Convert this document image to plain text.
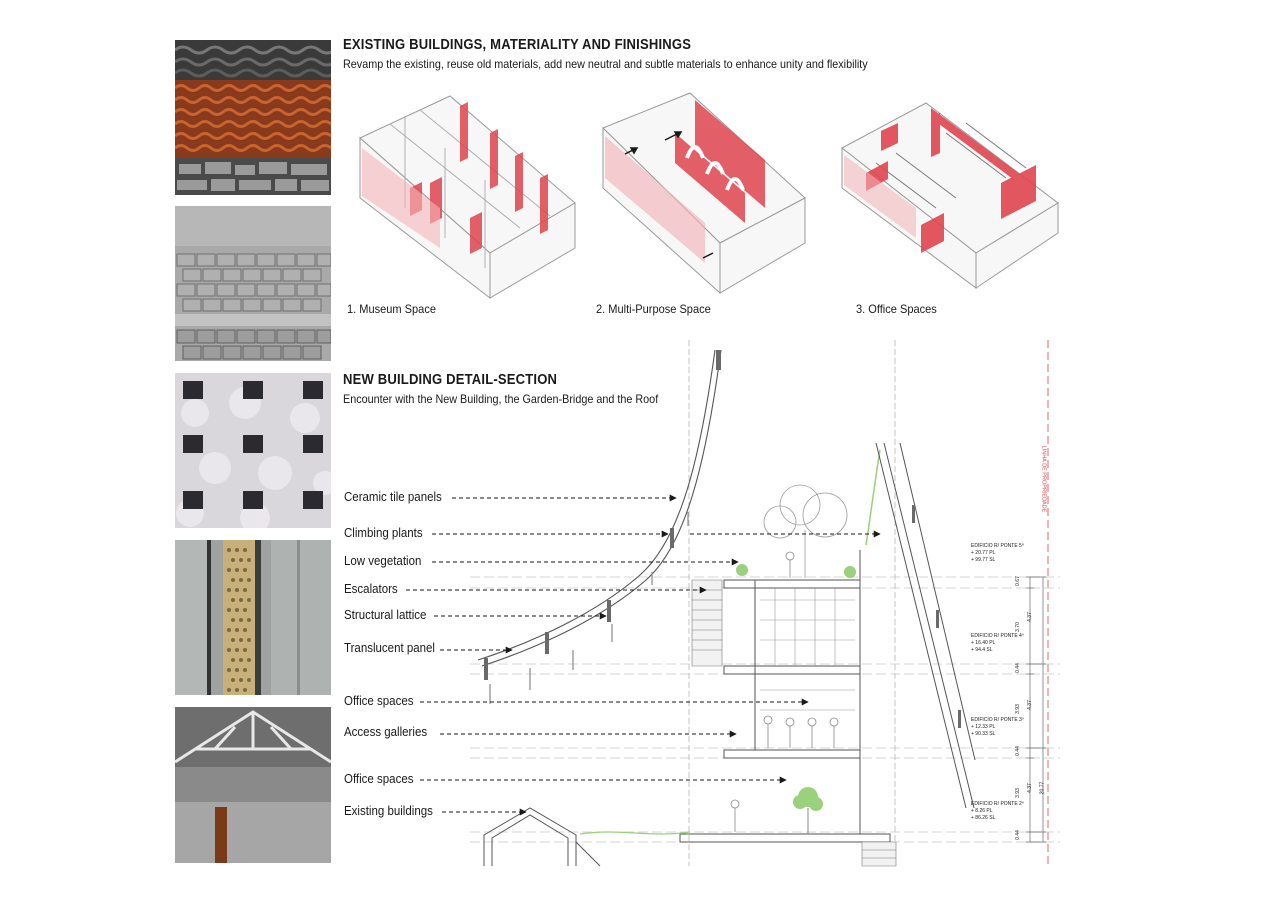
EXISTING BUILDINGS, MATERIALITY AND FINISHINGS
Revamp the existing, reuse old materials, add new neutral and subtle materials to enhance unity and flexibility
1. Museum Space	2. Multi-Purpose Space	3. Office Spaces
NEW BUILDING DETAIL-SECTION
Encounter with the New Building, the Garden-Bridge and the Roof
EDIFICIO R/ PONTE 5º
+ 20.77 PL
+ 99.77 SL
EDIFICIO R/ PONTE 4º
+ 16.40 PL
+ 94.4 SL
EDIFICIO R/ PONTE 3º
+ 12.33 PL
+ 90.33 SL
EDIFICIO R/ PONTE 2º
+ 8.26 PL
+ 86.26 SL
0.67
3.70
4.37
0.44
3.93 4.37
0.44
3.93
4.37 20.77
0.44
LINHA DE PROPRIEDADE
Ceramic tile panels
Climbing plants
Low vegetation
Escalators
Structural lattice
Translucent panel
Office spaces
Access galleries
Office spaces
Existing buildings
